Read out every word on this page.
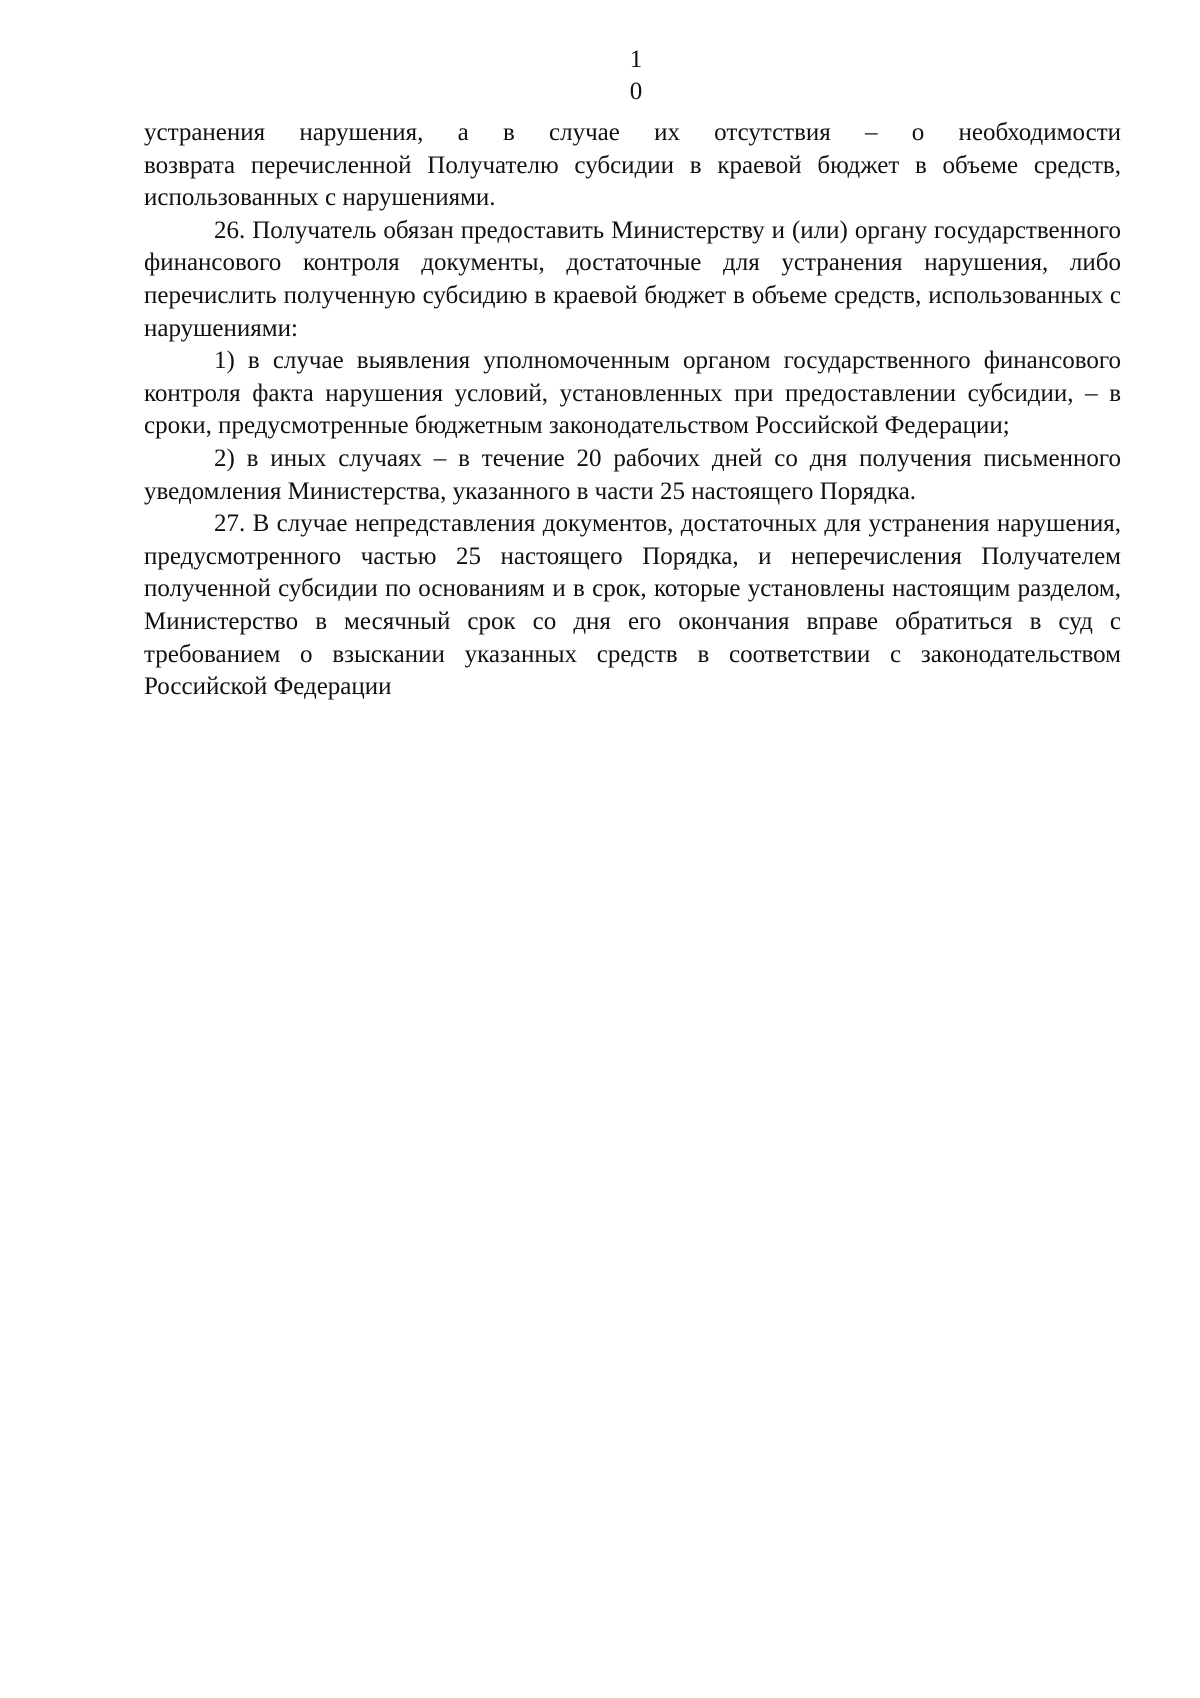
1
0

устранения нарушения, а в случае их отсутствия – о необходимости
возврата перечисленной Получателю субсидии в краевой бюджет в объеме средств, использованных с нарушениями.

26. Получатель обязан предоставить Министерству и (или) органу государственного финансового контроля документы, достаточные для устранения нарушения, либо перечислить полученную субсидию в краевой бюджет в объеме средств, использованных с нарушениями:

1) в случае выявления уполномоченным органом государственного финансового контроля факта нарушения условий, установленных при предоставлении субсидии, – в сроки, предусмотренные бюджетным законодательством Российской Федерации;

2) в иных случаях – в течение 20 рабочих дней со дня получения письменного уведомления Министерства, указанного в части 25 настоящего Порядка.

27. В случае непредставления документов, достаточных для устранения нарушения, предусмотренного частью 25 настоящего Порядка, и неперечисления Получателем полученной субсидии по основаниям и в срок, которые установлены настоящим разделом, Министерство в месячный срок со дня его окончания вправе обратиться в суд с требованием о взыскании указанных средств в соответствии с законодательством Российской Федерации
